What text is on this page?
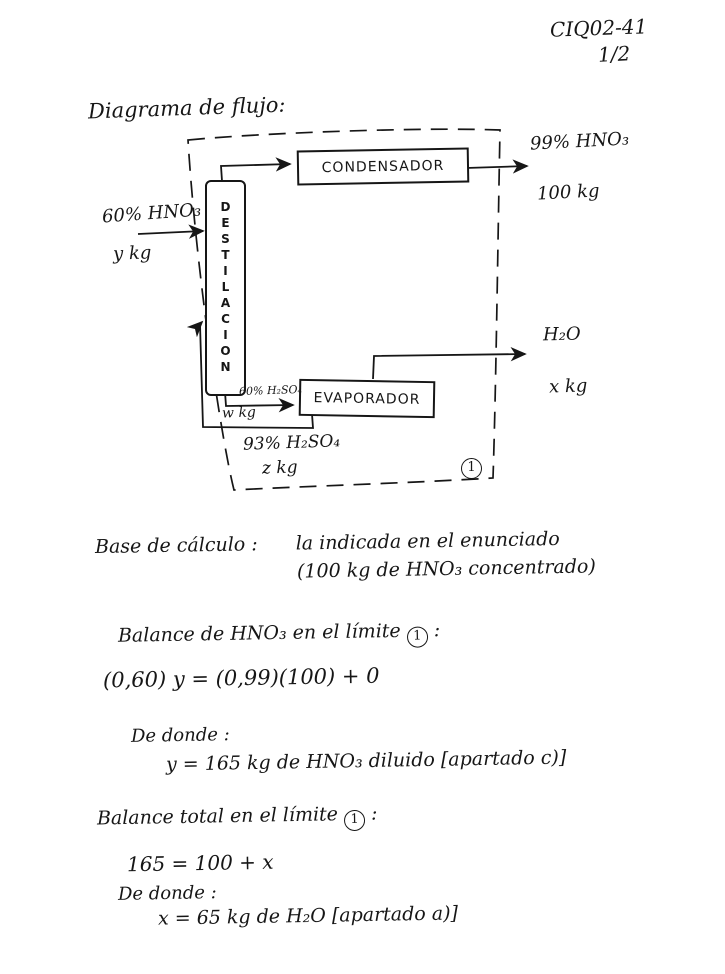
CIQ02-41
1/2
Diagrama de flujo:
CONDENSADOR
DESTILACION
EVAPORADOR
60% HNO₃
y kg
99% HNO₃
100 kg
H₂O
x kg
60% H₂SO₄
w kg
93% H₂SO₄
z kg	1
Base de cálculo : la indicada en el enunciado
(100 kg de HNO₃ concentrado)
Balance de HNO₃ en el límite 1 :
(0,60) y = (0,99)(100) + 0
De donde :
y = 165 kg de HNO₃ diluido [apartado c)]
Balance total en el límite 1 :
165 = 100 + x
De donde :
x = 65 kg de H₂O [apartado a)]
